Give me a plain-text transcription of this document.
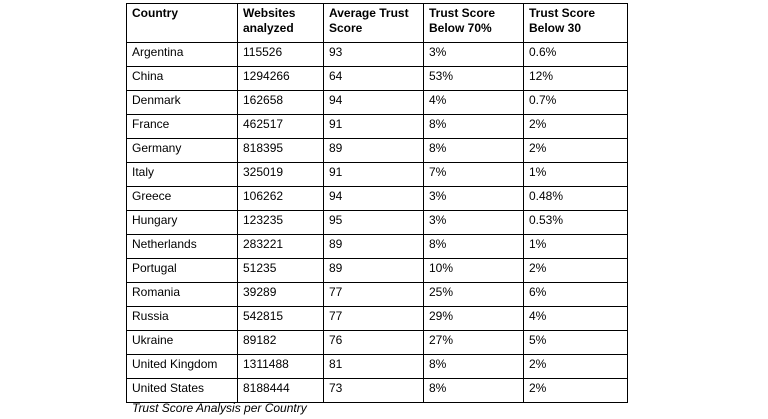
Country	Websites analyzed	Average Trust Score	Trust Score Below 70%	Trust Score Below 30
Argentina	115526	93	3%	0.6%
China	1294266	64	53%	12%
Denmark	162658	94	4%	0.7%
France	462517	91	8%	2%
Germany	818395	89	8%	2%
Italy	325019	91	7%	1%
Greece	106262	94	3%	0.48%
Hungary	123235	95	3%	0.53%
Netherlands	283221	89	8%	1%
Portugal	51235	89	10%	2%
Romania	39289	77	25%	6%
Russia	542815	77	29%	4%
Ukraine	89182	76	27%	5%
United Kingdom	1311488	81	8%	2%
United States	8188444	73	8%	2%
Trust Score Analysis per Country
